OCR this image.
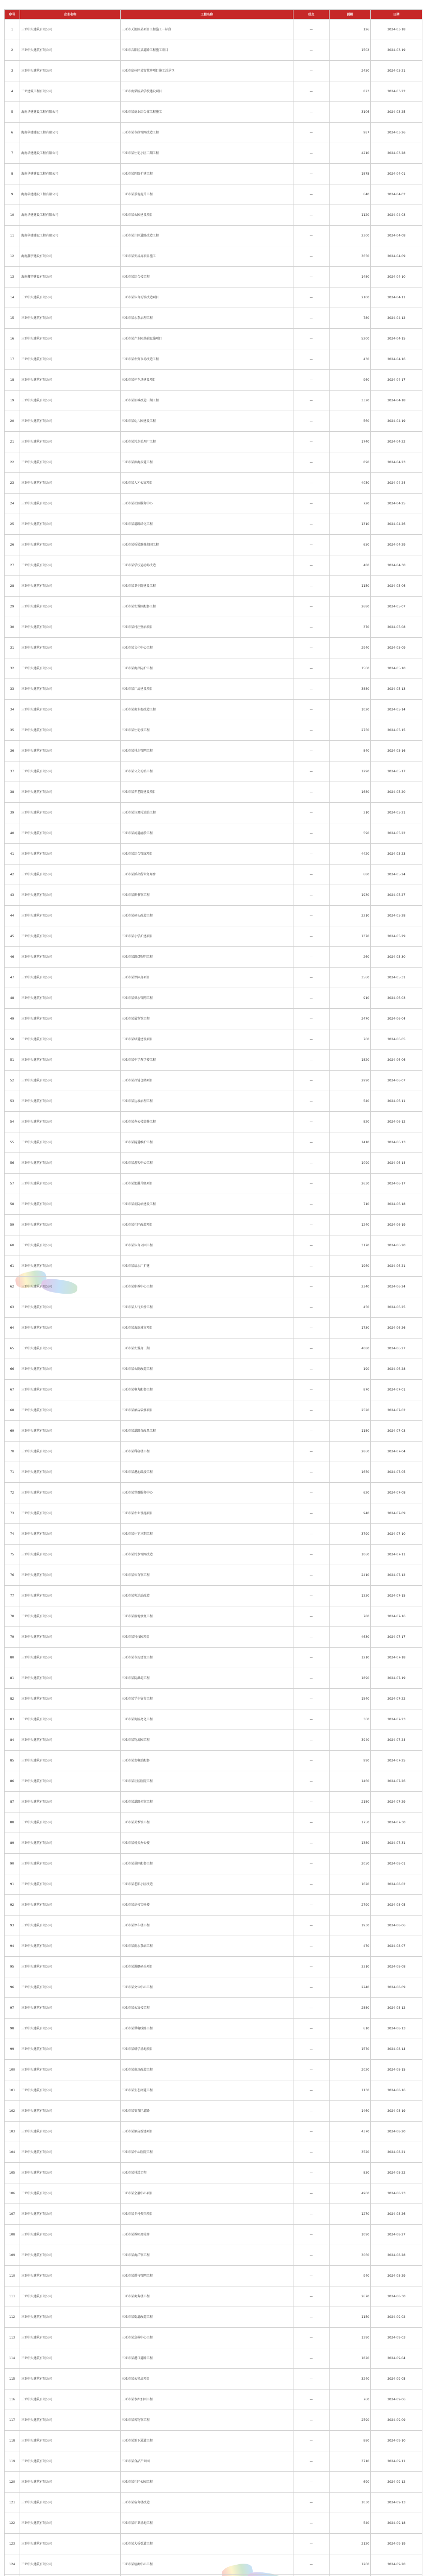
序号	企业名称	工程名称	成交	面积	日期
1	三亚中人建筑有限公司	三亚市天涯区某项目工程施工一标段	—	126	2024-03-18
2	三亚中人建筑有限公司	三亚市吉阳区某道路工程施工项目	—	1502	2024-03-19
3	三亚中人建筑有限公司	三亚市崖州区某安置房项目施工总承包	—	2450	2024-03-21
4	三亚建筑工程有限公司	三亚市海棠区某学校建设项目	—	823	2024-03-22
5	海南华建建设工程有限公司	三亚市某商业综合体工程施工	—	3106	2024-03-25
6	海南华建建设工程有限公司	三亚市某市政管网改造工程	—	987	2024-03-26
7	海南华建建设工程有限公司	三亚市某住宅小区二期工程	—	4210	2024-03-28
8	海南华建建设工程有限公司	三亚市某医院扩建工程	—	1875	2024-04-01
9	海南华建建设工程有限公司	三亚市某景观提升工程	—	640	2024-04-02
10	海南华建建设工程有限公司	三亚市某公园建设项目	—	1120	2024-04-03
11	海南华建建设工程有限公司	三亚市某片区道路改造工程	—	2300	2024-04-08
12	海南鑫宇建设有限公司	三亚市某安居房项目施工	—	3650	2024-04-09
13	海南鑫宇建设有限公司	三亚市某综合楼工程	—	1480	2024-04-10
14	三亚中人建筑有限公司	三亚市某体育场馆改造项目	—	2100	2024-04-11
15	三亚中人建筑有限公司	三亚市某水系治理工程	—	780	2024-04-12
16	三亚中人建筑有限公司	三亚市某产业园基础设施项目	—	5200	2024-04-15
17	三亚中人建筑有限公司	三亚市某农贸市场改造工程	—	430	2024-04-16
18	三亚中人建筑有限公司	三亚市某停车场建设项目	—	960	2024-04-17
19	三亚中人建筑有限公司	三亚市某旧城改造一期工程	—	3320	2024-04-18
20	三亚中人建筑有限公司	三亚市某幼儿园建设工程	—	560	2024-04-19
21	三亚中人建筑有限公司	三亚市某污水处理厂工程	—	1740	2024-04-22
22	三亚中人建筑有限公司	三亚市某滨海步道工程	—	890	2024-04-23
23	三亚中人建筑有限公司	三亚市某人才公寓项目	—	4050	2024-04-24
24	三亚中人建筑有限公司	三亚市某社区服务中心	—	720	2024-04-25
25	三亚中人建筑有限公司	三亚市某道路绿化工程	—	1310	2024-04-26
26	三亚中人建筑有限公司	三亚市某桥梁维修加固工程	—	650	2024-04-29
27	三亚中人建筑有限公司	三亚市某学校运动场改造	—	480	2024-04-30
28	三亚中人建筑有限公司	三亚市某卫生院建设工程	—	1150	2024-05-06
29	三亚中人建筑有限公司	三亚市某安置区配套工程	—	2680	2024-05-07
30	三亚中人建筑有限公司	三亚市某村庄整治项目	—	370	2024-05-08
31	三亚中人建筑有限公司	三亚市某文化中心工程	—	2940	2024-05-09
32	三亚中人建筑有限公司	三亚市某海岸防护工程	—	1560	2024-05-10
33	三亚中人建筑有限公司	三亚市某厂房建设项目	—	3880	2024-05-13
34	三亚中人建筑有限公司	三亚市某商业街改造工程	—	1020	2024-05-14
35	三亚中人建筑有限公司	三亚市某住宅楼工程	—	2750	2024-05-15
36	三亚中人建筑有限公司	三亚市某排水管网工程	—	840	2024-05-16
37	三亚中人建筑有限公司	三亚市某公交场站工程	—	1290	2024-05-17
38	三亚中人建筑有限公司	三亚市某养老院建设项目	—	1680	2024-05-20
39	三亚中人建筑有限公司	三亚市某垃圾转运站工程	—	310	2024-05-21
40	三亚中人建筑有限公司	三亚市某河道清淤工程	—	590	2024-05-22
41	三亚中人建筑有限公司	三亚市某综合管廊项目	—	4420	2024-05-23
42	三亚中人建筑有限公司	三亚市某派出所业务用房	—	680	2024-05-24
43	三亚中人建筑有限公司	三亚市某图书馆工程	—	1930	2024-05-27
44	三亚中人建筑有限公司	三亚市某码头改造工程	—	2210	2024-05-28
45	三亚中人建筑有限公司	三亚市某小学扩建项目	—	1370	2024-05-29
46	三亚中人建筑有限公司	三亚市某路灯照明工程	—	260	2024-05-30
47	三亚中人建筑有限公司	三亚市某保障房项目	—	3560	2024-05-31
48	三亚中人建筑有限公司	三亚市某供水管网工程	—	910	2024-06-03
49	三亚中人建筑有限公司	三亚市某展览馆工程	—	2470	2024-06-04
50	三亚中人建筑有限公司	三亚市某绿道建设项目	—	760	2024-06-05
51	三亚中人建筑有限公司	三亚市某中学教学楼工程	—	1820	2024-06-06
52	三亚中人建筑有限公司	三亚市某冷链仓储项目	—	2990	2024-06-07
53	三亚中人建筑有限公司	三亚市某边坡治理工程	—	540	2024-06-11
54	三亚中人建筑有限公司	三亚市某办公楼装修工程	—	820	2024-06-12
55	三亚中人建筑有限公司	三亚市某隧道维护工程	—	1410	2024-06-13
56	三亚中人建筑有限公司	三亚市某游客中心工程	—	1090	2024-06-14
57	三亚中人建筑有限公司	三亚市某渔港升级项目	—	2630	2024-06-17
58	三亚中人建筑有限公司	三亚市某消防站建设工程	—	710	2024-06-18
59	三亚中人建筑有限公司	三亚市某社区改造项目	—	1240	2024-06-19
60	三亚中人建筑有限公司	三亚市某体育公园工程	—	3170	2024-06-20
61	三亚中人建筑有限公司	三亚市某给水厂扩建	—	1960	2024-06-21
62	三亚中人建筑有限公司	三亚市某职教中心工程	—	2340	2024-06-24
63	三亚中人建筑有限公司	三亚市某人行天桥工程	—	450	2024-06-25
64	三亚中人建筑有限公司	三亚市某海绵城市项目	—	1730	2024-06-26
65	三亚中人建筑有限公司	三亚市某安置房二期	—	4080	2024-06-27
66	三亚中人建筑有限公司	三亚市某公厕改造工程	—	190	2024-06-28
67	三亚中人建筑有限公司	三亚市某电力配套工程	—	870	2024-07-01
68	三亚中人建筑有限公司	三亚市某酒店装修项目	—	2520	2024-07-02
69	三亚中人建筑有限公司	三亚市某道路白改黑工程	—	1180	2024-07-03
70	三亚中人建筑有限公司	三亚市某科研楼工程	—	2860	2024-07-04
71	三亚中人建筑有限公司	三亚市某港池疏浚工程	—	1650	2024-07-05
72	三亚中人建筑有限公司	三亚市某党群服务中心	—	620	2024-07-08
73	三亚中人建筑有限公司	三亚市某农业设施项目	—	940	2024-07-09
74	三亚中人建筑有限公司	三亚市某住宅三期工程	—	3790	2024-07-10
75	三亚中人建筑有限公司	三亚市某污水管网改造	—	1060	2024-07-11
76	三亚中人建筑有限公司	三亚市某体育馆工程	—	2410	2024-07-12
77	三亚中人建筑有限公司	三亚市某客运站改造	—	1330	2024-07-15
78	三亚中人建筑有限公司	三亚市某湿地修复工程	—	780	2024-07-16
79	三亚中人建筑有限公司	三亚市某科技园项目	—	4630	2024-07-17
80	三亚中人建筑有限公司	三亚市某市场建设工程	—	1210	2024-07-18
81	三亚中人建筑有限公司	三亚市某防洪堤工程	—	1890	2024-07-19
82	三亚中人建筑有限公司	三亚市某学生宿舍工程	—	1540	2024-07-22
83	三亚中人建筑有限公司	三亚市某街区亮化工程	—	360	2024-07-23
84	三亚中人建筑有限公司	三亚市某物流园工程	—	3940	2024-07-24
85	三亚中人建筑有限公司	三亚市某变电站配套	—	990	2024-07-25
86	三亚中人建筑有限公司	三亚市某社区医院工程	—	1460	2024-07-26
87	三亚中人建筑有限公司	三亚市某道路拓宽工程	—	2180	2024-07-29
88	三亚中人建筑有限公司	三亚市某美术馆工程	—	1750	2024-07-30
89	三亚中人建筑有限公司	三亚市某机关办公楼	—	1380	2024-07-31
90	三亚中人建筑有限公司	三亚市某景区配套工程	—	2050	2024-08-01
91	三亚中人建筑有限公司	三亚市某老旧小区改造	—	1620	2024-08-02
92	三亚中人建筑有限公司	三亚市某高校实验楼	—	2790	2024-08-05
93	三亚中人建筑有限公司	三亚市某停车楼工程	—	1930	2024-08-06
94	三亚中人建筑有限公司	三亚市某雨水泵站工程	—	470	2024-08-07
95	三亚中人建筑有限公司	三亚市某游艇码头项目	—	3310	2024-08-08
96	三亚中人建筑有限公司	三亚市某文体中心工程	—	2240	2024-08-09
97	三亚中人建筑有限公司	三亚市某公寓楼工程	—	2880	2024-08-12
98	三亚中人建筑有限公司	三亚市某供电线路工程	—	610	2024-08-13
99	三亚中人建筑有限公司	三亚市某研学基地项目	—	1570	2024-08-14
100	三亚中人建筑有限公司	三亚市某商场改造工程	—	2020	2024-08-15
101	三亚中人建筑有限公司	三亚市某生态廊道工程	—	1130	2024-08-16
102	三亚中人建筑有限公司	三亚市某安置区道路	—	1460	2024-08-19
103	三亚中人建筑有限公司	三亚市某酒店新建项目	—	4370	2024-08-20
104	三亚中人建筑有限公司	三亚市某中心医院工程	—	3520	2024-08-21
105	三亚中人建筑有限公司	三亚市某排涝工程	—	830	2024-08-22
106	三亚中人建筑有限公司	三亚市某会展中心项目	—	4900	2024-08-23
107	三亚中人建筑有限公司	三亚市某乡村振兴项目	—	1270	2024-08-26
108	三亚中人建筑有限公司	三亚市某教师周转房	—	1090	2024-08-27
109	三亚中人建筑有限公司	三亚市某海洋馆工程	—	3060	2024-08-28
110	三亚中人建筑有限公司	三亚市某燃气管网工程	—	940	2024-08-29
111	三亚中人建筑有限公司	三亚市某商务楼工程	—	2670	2024-08-30
112	三亚中人建筑有限公司	三亚市某街道改造工程	—	1150	2024-09-02
113	三亚中人建筑有限公司	三亚市某急救中心工程	—	1390	2024-09-03
114	三亚中人建筑有限公司	三亚市某港口道路工程	—	1820	2024-09-04
115	三亚中人建筑有限公司	三亚市某公租房项目	—	3240	2024-09-05
116	三亚中人建筑有限公司	三亚市某水库加固工程	—	760	2024-09-06
117	三亚中人建筑有限公司	三亚市某博物馆工程	—	2590	2024-09-09
118	三亚中人建筑有限公司	三亚市某地下通道工程	—	880	2024-09-10
119	三亚中人建筑有限公司	三亚市某食品产业园	—	3710	2024-09-11
120	三亚中人建筑有限公司	三亚市某社区公园工程	—	690	2024-09-12
121	三亚中人建筑有限公司	三亚市某宿舍楼改造	—	1030	2024-09-13
122	三亚中人建筑有限公司	三亚市某环卫基地工程	—	540	2024-09-18
123	三亚中人建筑有限公司	三亚市某大桥引道工程	—	2120	2024-09-19
124	三亚中人建筑有限公司	三亚市某检测中心工程	—	1260	2024-09-20
